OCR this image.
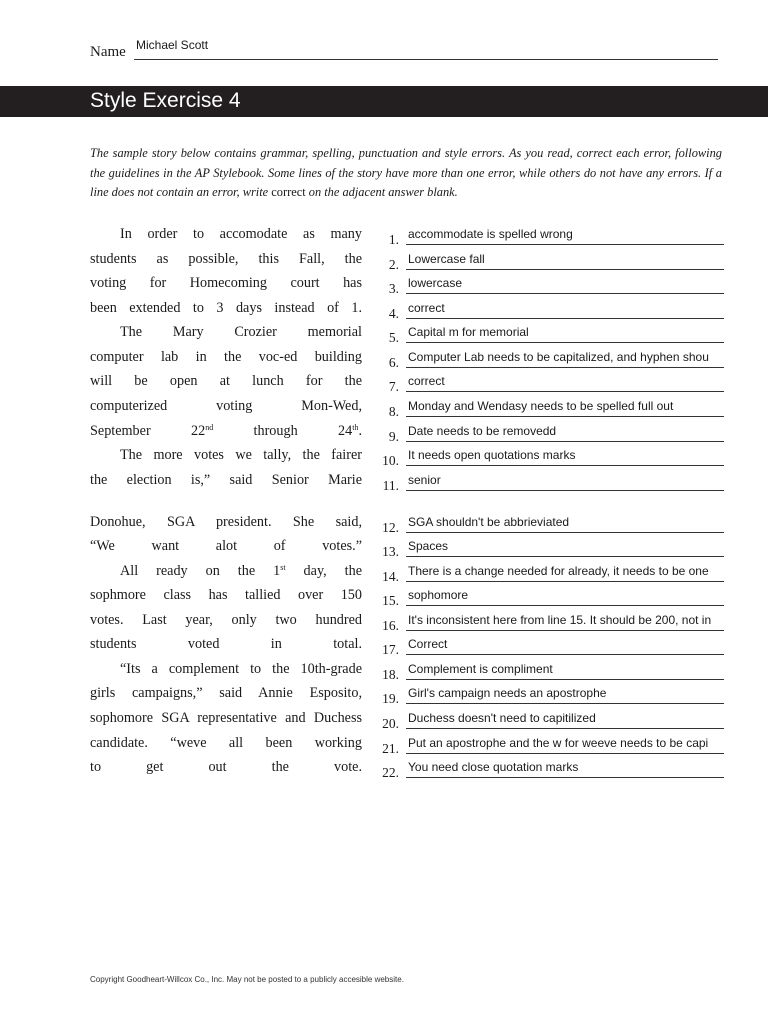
Name Michael Scott
Style Exercise 4
The sample story below contains grammar, spelling, punctuation and style errors. As you read, correct each error, following the guidelines in the AP Stylebook. Some lines of the story have more than one error, while others do not have any errors. If a line does not contain an error, write correct on the adjacent answer blank.
In order to accomodate as many
students as possible, this Fall, the
voting for Homecoming court has
been extended to 3 days instead of 1.
The Mary Crozier memorial
computer lab in the voc-ed building
will be open at lunch for the
computerized voting Mon-Wed,
September 22nd through 24th.
The more votes we tally, the fairer
the election is,” said Senior Marie
Donohue, SGA president. She said,
“We want alot of votes.”
All ready on the 1st day, the
sophmore class has tallied over 150
votes. Last year, only two hundred
students voted in total.
“Its a complement to the 10th-grade
girls campaigns,” said Annie Esposito,
sophomore SGA representative and Duchess
candidate. “weve all been working
to get out the vote.
1. accommodate is spelled wrong
2. Lowercase fall
3. lowercase
4. correct
5. Capital m for memorial
6. Computer Lab needs to be capitalized, and hyphen shou
7. correct
8. Monday and Wendasy needs to be spelled full out
9. Date needs to be removedd
10. It needs open quotations marks
11. senior
12. SGA shouldn't be abbrieviated
13. Spaces
14. There is a change needed for already, it needs to be one
15. sophomore
16. It's inconsistent here from line 15. It should be 200, not in
17. Correct
18. Complement is compliment
19. Girl's campaign needs an apostrophe
20. Duchess doesn't need to capitilized
21. Put an apostrophe and the w for weeve needs to be capi
22. You need close quotation marks
Copyright Goodheart-Willcox Co., Inc. May not be posted to a publicly accesible website.
